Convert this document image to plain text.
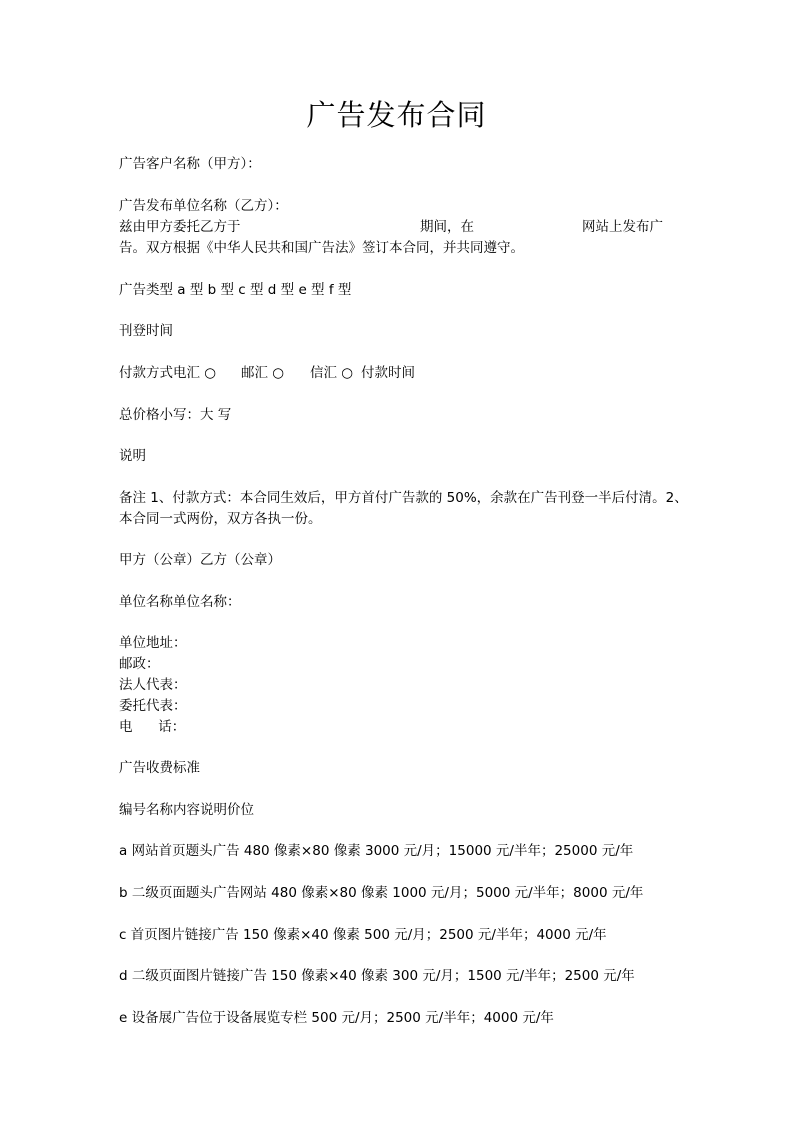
广告发布合同
广告客户名称（甲方）：
广告发布单位名称（乙方）：
兹由甲方委托乙方于	期间，在	网站上发布广
告。双方根据《中华人民共和国广告法》签订本合同，并共同遵守。
广告类型 a 型 b 型 c 型 d 型 e 型 f 型
刊登时间
付款方式电汇 ○ 邮汇 ○ 信汇 ○ 付款时间
总价格小写：大 写
说明
备注 1、付款方式：本合同生效后，甲方首付广告款的 50%，余款在广告刊登一半后付清。2、
本合同一式两份，双方各执一份。
甲方（公章）乙方（公章）
单位名称单位名称：
单位地址：
邮政：
法人代表：
委托代表：
电      话：
广告收费标准
编号名称内容说明价位
a 网站首页题头广告 480 像素×80 像素 3000 元/月；15000 元/半年；25000 元/年
b 二级页面题头广告网站 480 像素×80 像素 1000 元/月；5000 元/半年；8000 元/年
c 首页图片链接广告 150 像素×40 像素 500 元/月；2500 元/半年；4000 元/年
d 二级页面图片链接广告 150 像素×40 像素 300 元/月；1500 元/半年；2500 元/年
e 设备展广告位于设备展览专栏 500 元/月；2500 元/半年；4000 元/年
